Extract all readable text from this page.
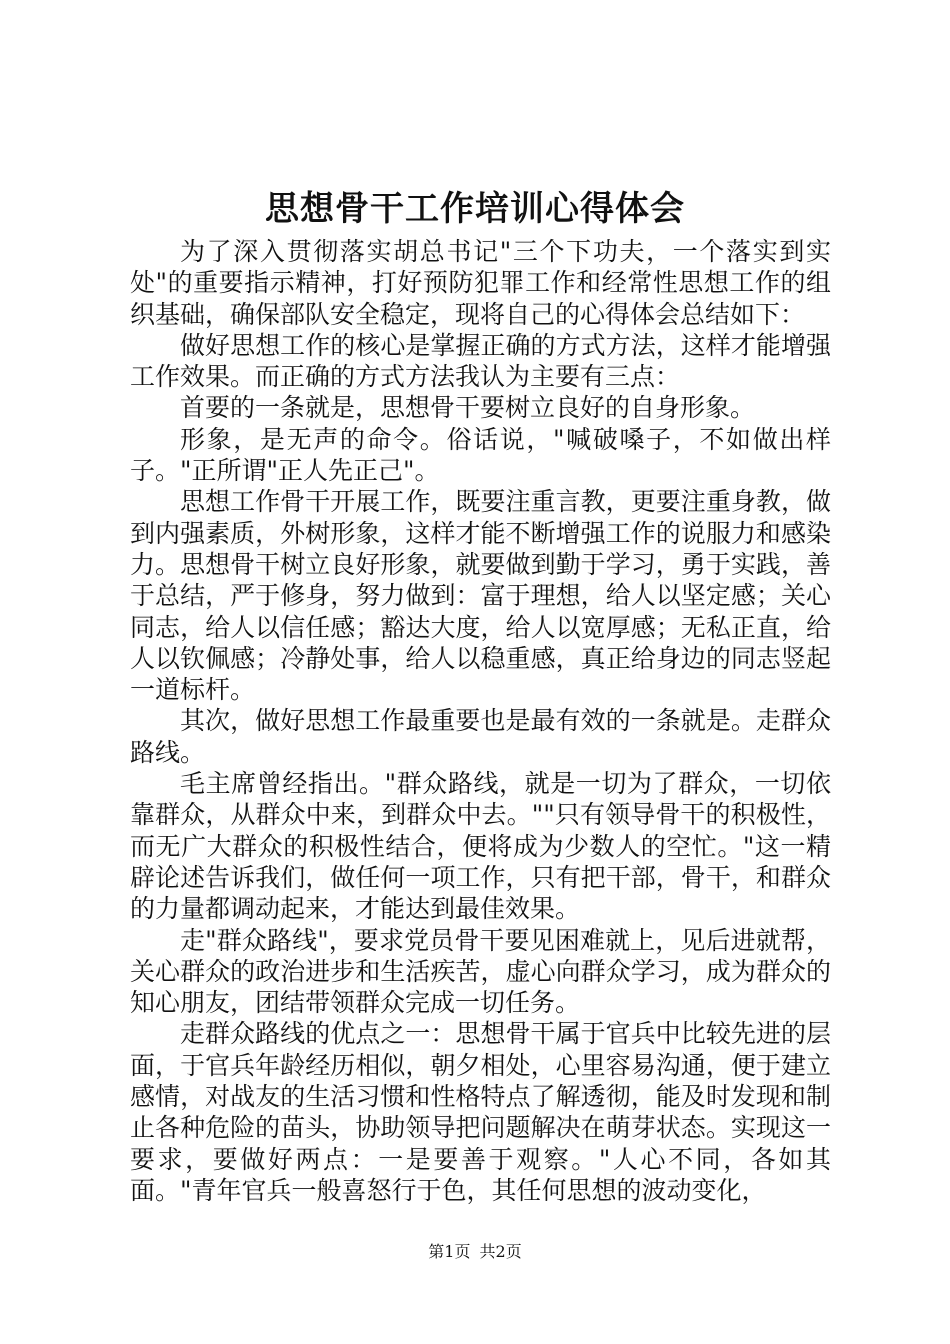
思想骨干工作培训心得体会

为了深入贯彻落实胡总书记"三个下功夫，一个落实到实处"的重要指示精神，打好预防犯罪工作和经常性思想工作的组织基础，确保部队安全稳定，现将自己的心得体会总结如下：

做好思想工作的核心是掌握正确的方式方法，这样才能增强工作效果。而正确的方式方法我认为主要有三点：

首要的一条就是，思想骨干要树立良好的自身形象。

形象，是无声的命令。俗话说，"喊破嗓子，不如做出样子。"正所谓"正人先正己"。

思想工作骨干开展工作，既要注重言教，更要注重身教，做到内强素质，外树形象，这样才能不断增强工作的说服力和感染力。思想骨干树立良好形象，就要做到勤于学习，勇于实践，善于总结，严于修身，努力做到：富于理想，给人以坚定感；关心同志，给人以信任感；豁达大度，给人以宽厚感；无私正直，给人以钦佩感；冷静处事，给人以稳重感，真正给身边的同志竖起一道标杆。

其次，做好思想工作最重要也是最有效的一条就是。走群众路线。

毛主席曾经指出。"群众路线，就是一切为了群众，一切依靠群众，从群众中来，到群众中去。""只有领导骨干的积极性，而无广大群众的积极性结合，便将成为少数人的空忙。"这一精辟论述告诉我们，做任何一项工作，只有把干部，骨干，和群众的力量都调动起来，才能达到最佳效果。

走"群众路线"，要求党员骨干要见困难就上，见后进就帮，关心群众的政治进步和生活疾苦，虚心向群众学习，成为群众的知心朋友，团结带领群众完成一切任务。

走群众路线的优点之一：思想骨干属于官兵中比较先进的层面，于官兵年龄经历相似，朝夕相处，心里容易沟通，便于建立感情，对战友的生活习惯和性格特点了解透彻，能及时发现和制止各种危险的苗头，协助领导把问题解决在萌芽状态。实现这一要求，要做好两点：一是要善于观察。"人心不同，各如其面。"青年官兵一般喜怒行于色，其任何思想的波动变化，

第1页 共2页
